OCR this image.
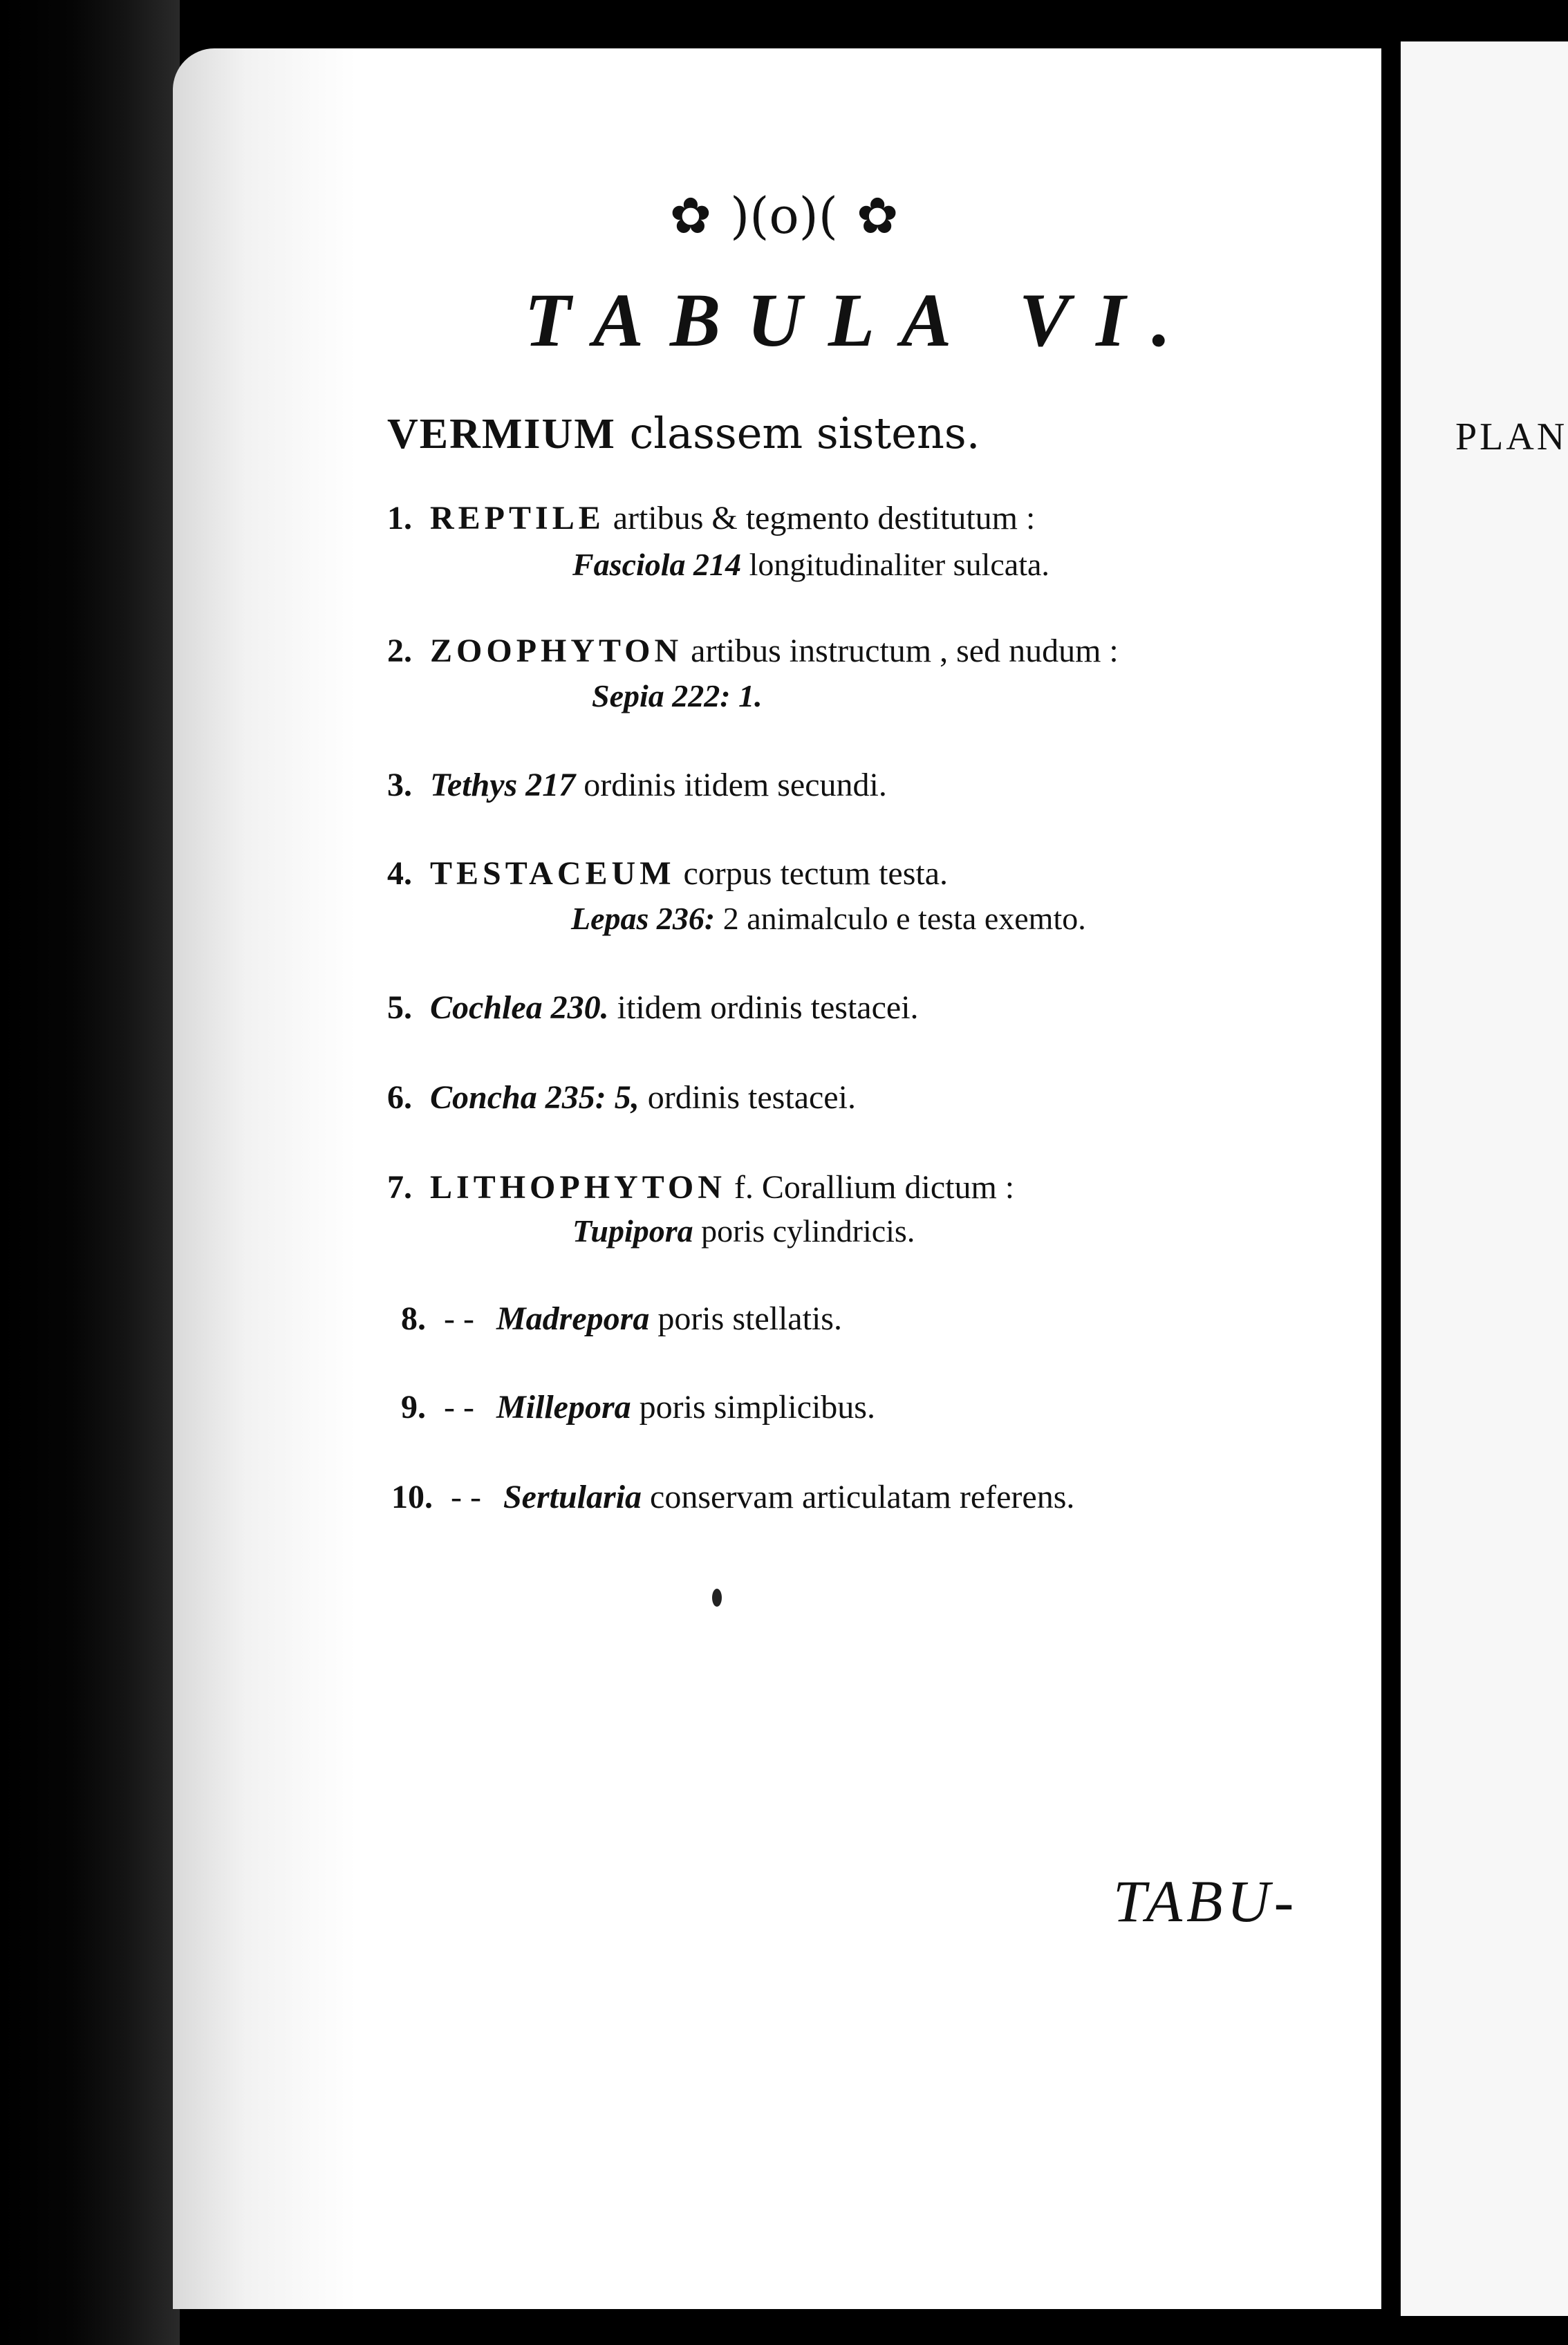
PLAN
✿ )(o)( ✿
TABULA VI.
VERMIUM classem sistens.
1. REPTILE artibus & tegmento destitutum :
Fasciola 214 longitudinaliter sulcata.
2. ZOOPHYTON artibus instructum , sed nudum :
Sepia 222: 1.
3. Tethys 217 ordinis itidem secundi.
4. TESTACEUM corpus tectum testa.
Lepas 236: 2 animalculo e testa exemto.
5. Cochlea 230. itidem ordinis testacei.
6. Concha 235: 5, ordinis testacei.
7. LITHOPHYTON f. Corallium dictum :
Tupipora poris cylindricis.
8. - - Madrepora poris stellatis.
9. - - Millepora poris simplicibus.
10. - - Sertularia conservam articulatam referens.
TABU-
